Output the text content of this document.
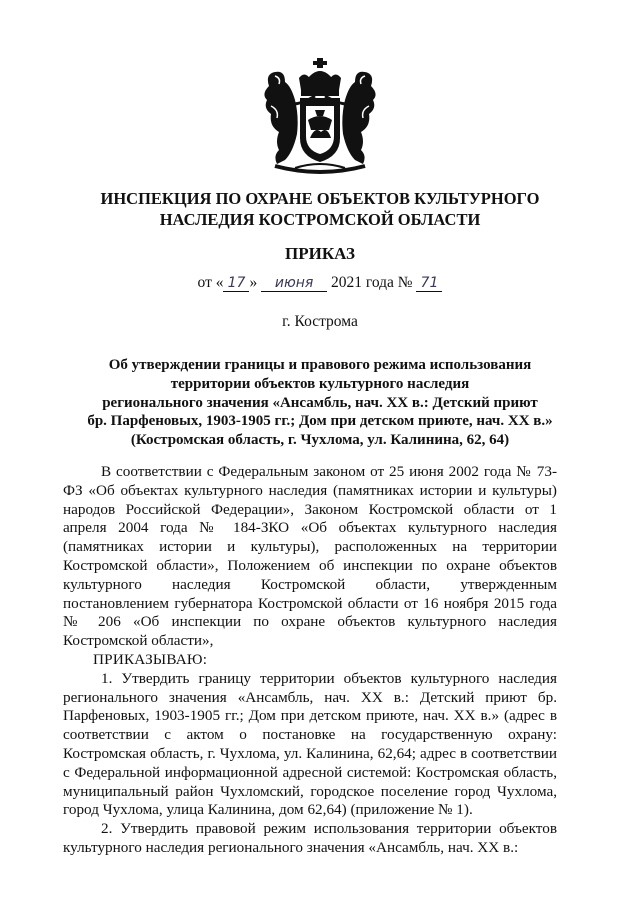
ИНСПЕКЦИЯ ПО ОХРАНЕ ОБЪЕКТОВ КУЛЬТУРНОГО
НАСЛЕДИЯ КОСТРОМСКОЙ ОБЛАСТИ
ПРИКАЗ
от « 17 » июня 2021 года № 71
г. Кострома
Об утверждении границы и правового режима использования
территории объектов культурного наследия
регионального значения «Ансамбль, нач. ХХ в.: Детский приют
бр. Парфеновых, 1903-1905 гг.; Дом при детском приюте, нач. ХХ в.»
(Костромская область, г. Чухлома, ул. Калинина, 62, 64)

В соответствии с Федеральным законом от 25 июня 2002 года № 73-ФЗ «Об объектах культурного наследия (памятниках истории и культуры) народов Российской Федерации», Законом Костромской области от 1 апреля 2004 года № 184-ЗКО «Об объектах культурного наследия (памятниках истории и культуры), расположенных на территории Костромской области», Положением об инспекции по охране объектов культурного наследия Костромской области, утвержденным постановлением губернатора Костромской области от 16 ноября 2015 года № 206 «Об инспекции по охране объектов культурного наследия Костромской области»,

ПРИКАЗЫВАЮ:

1. Утвердить границу территории объектов культурного наследия регионального значения «Ансамбль, нач. ХХ в.: Детский приют бр. Парфеновых, 1903-1905 гг.; Дом при детском приюте, нач. ХХ в.» (адрес в соответствии с актом о постановке на государственную охрану: Костромская область, г. Чухлома, ул. Калинина, 62,64; адрес в соответствии с Федеральной информационной адресной системой: Костромская область, муниципальный район Чухломский, городское поселение город Чухлома, город Чухлома, улица Калинина, дом 62,64) (приложение № 1).

2. Утвердить правовой режим использования территории объектов культурного наследия регионального значения «Ансамбль, нач. ХХ в.:
